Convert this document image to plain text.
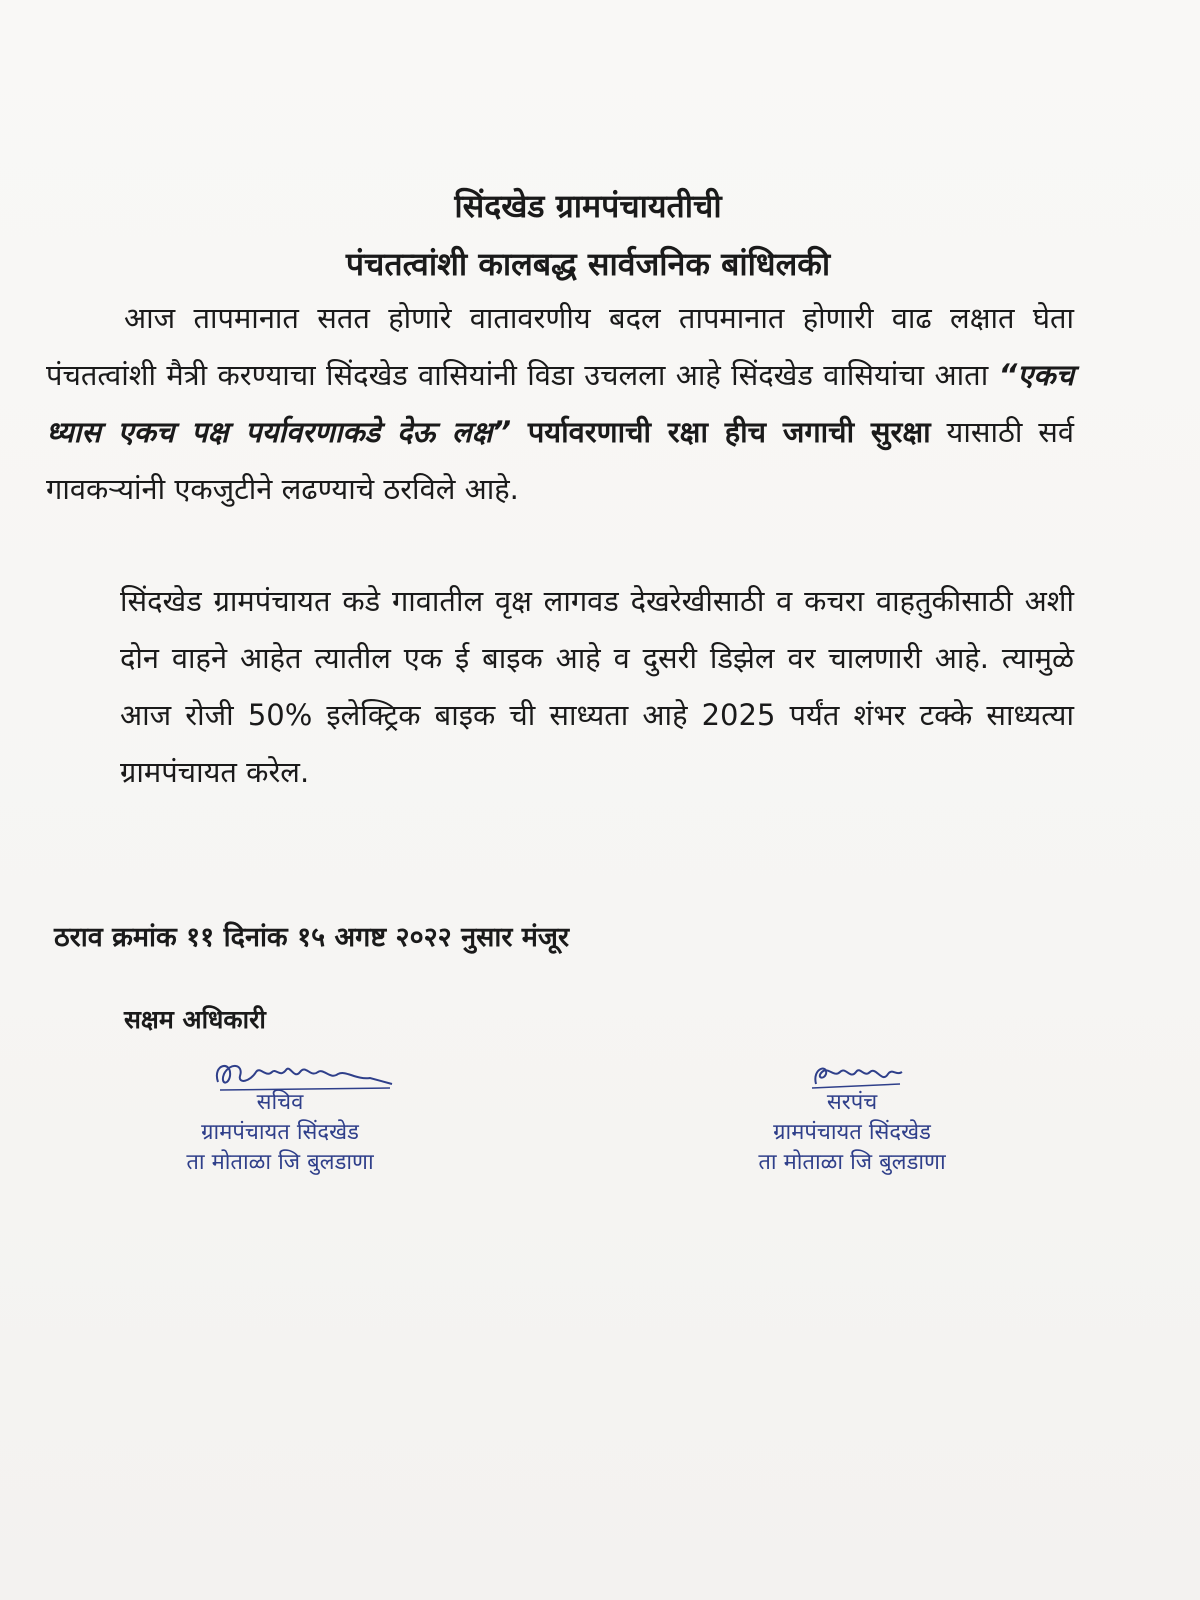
सिंदखेड ग्रामपंचायतीची
पंचतत्वांशी कालबद्ध सार्वजनिक बांधिलकी
आज तापमानात सतत होणारे वातावरणीय बदल तापमानात होणारी वाढ लक्षात घेता पंचतत्वांशी मैत्री करण्याचा सिंदखेड वासियांनी विडा उचलला आहे सिंदखेड वासियांचा आता “एकच ध्यास एकच पक्ष पर्यावरणाकडे देऊ लक्ष” पर्यावरणाची रक्षा हीच जगाची सुरक्षा यासाठी सर्व गावकऱ्यांनी एकजुटीने लढण्याचे ठरविले आहे.
सिंदखेड ग्रामपंचायत कडे गावातील वृक्ष लागवड देखरेखीसाठी व कचरा वाहतुकीसाठी अशी दोन वाहने आहेत त्यातील एक ई बाइक आहे व दुसरी डिझेल वर चालणारी आहे. त्यामुळे आज रोजी 50% इलेक्ट्रिक बाइक ची साध्यता आहे 2025 पर्यंत शंभर टक्के साध्यत्या ग्रामपंचायत करेल.
ठराव क्रमांक ११ दिनांक १५ अगष्ट २०२२ नुसार मंजूर
सक्षम अधिकारी
सचिव
ग्रामपंचायत सिंदखेड
ता मोताळा जि बुलडाणा
सरपंच
ग्रामपंचायत सिंदखेड
ता मोताळा जि बुलडाणा
